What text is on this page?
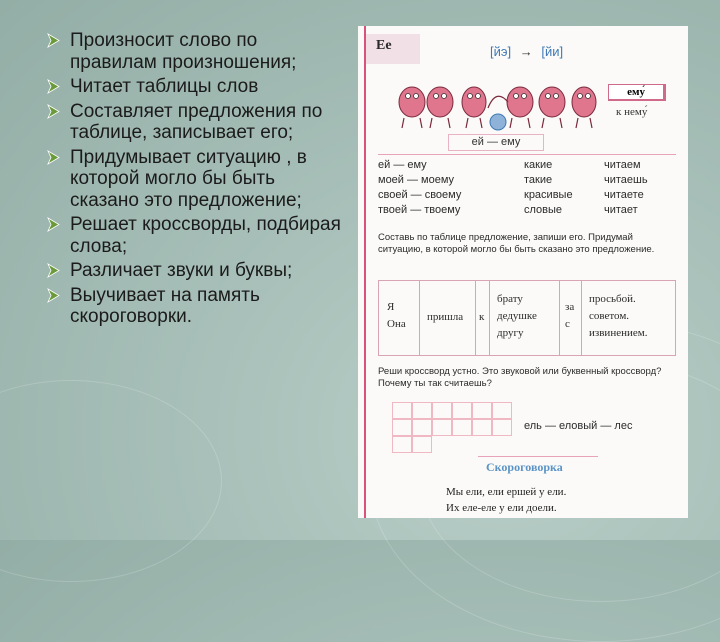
Произносит слово по правилам произношения;
Читает таблицы слов
Составляет предложения по таблице, записывает его;
Придумывает ситуацию , в которой могло бы быть сказано это предложение;
Решает кроссворды, подбирая слова;
Различает звуки и буквы;
Выучивает на память скороговорки.
Ее	[йэ] → [йи]
ему́
к нему́
ей — ему
ей — ему
моей — моему
своей — своему
твоей — твоему
какие
такие
красивые
словые
читаем
читаешь
читаете
читает
Составь по таблице предложение, запиши его. Придумай ситуацию, в которой могло бы быть сказано это предложение.
Я
Она
пришла к
брату
дедушке
другу
за
с
просьбой.
советом.
извинением.
Реши кроссворд устно. Это звуковой или буквенный кроссворд? Почему ты так считаешь?
ель — еловый — лес
Скороговорка
Мы ели, ели ершей у ели.
Их еле-еле у ели доели.
